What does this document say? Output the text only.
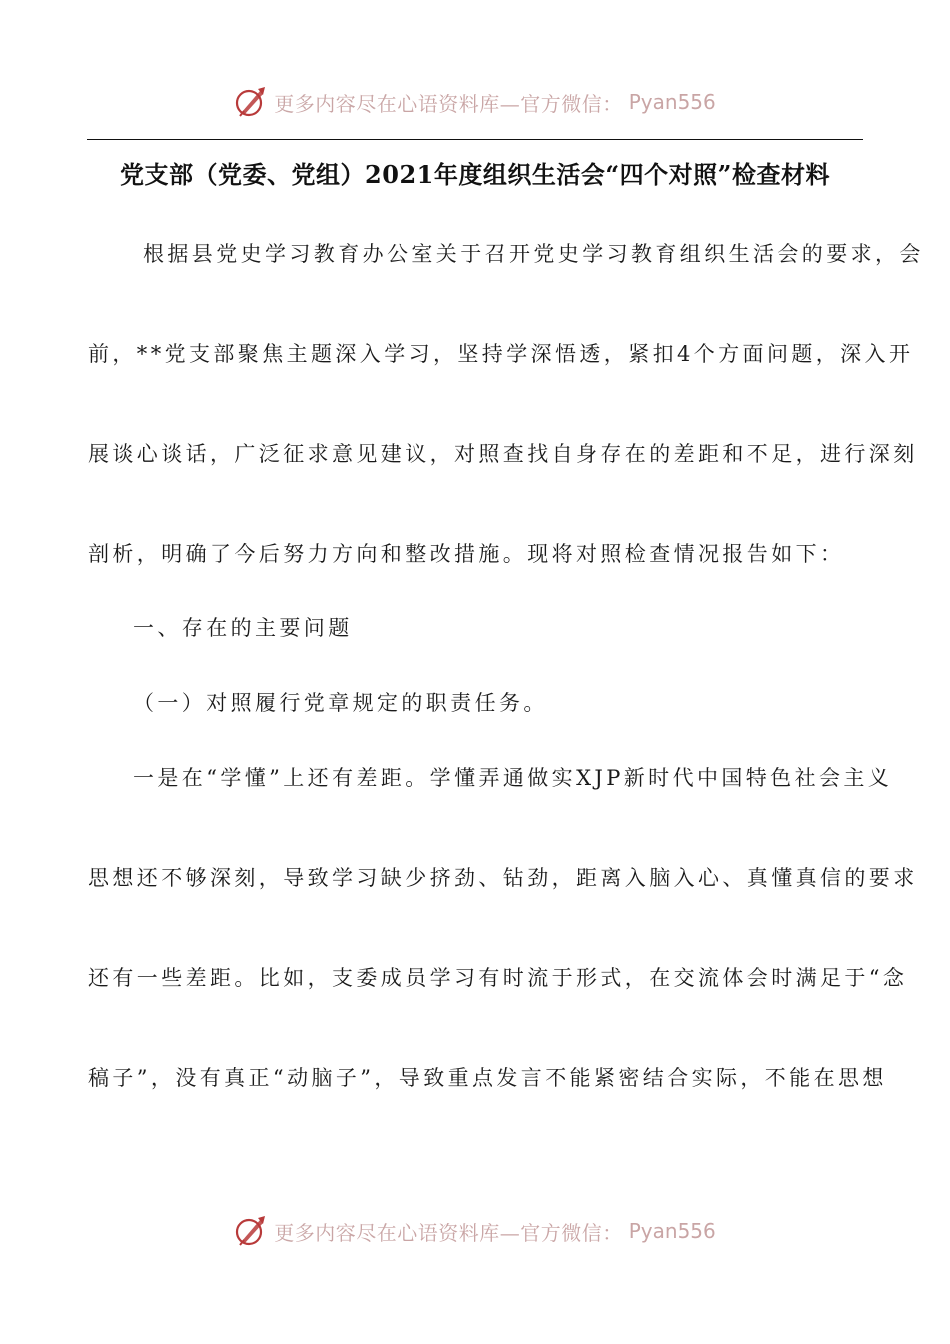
更多内容尽在心语资料库—官方微信： Pyan556
党支部（党委、党组）2021年度组织生活会“四个对照”检查材料
根据县党史学习教育办公室关于召开党史学习教育组织生活会的要求，会
前，**党支部聚焦主题深入学习，坚持学深悟透，紧扣4个方面问题，深入开
展谈心谈话，广泛征求意见建议，对照查找自身存在的差距和不足，进行深刻
剖析，明确了今后努力方向和整改措施。现将对照检查情况报告如下：
一、存在的主要问题
（一）对照履行党章规定的职责任务。
一是在“学懂”上还有差距。学懂弄通做实XJP新时代中国特色社会主义
思想还不够深刻，导致学习缺少挤劲、钻劲，距离入脑入心、真懂真信的要求
还有一些差距。比如，支委成员学习有时流于形式，在交流体会时满足于“念
稿子”，没有真正“动脑子”，导致重点发言不能紧密结合实际，不能在思想
更多内容尽在心语资料库—官方微信： Pyan556
